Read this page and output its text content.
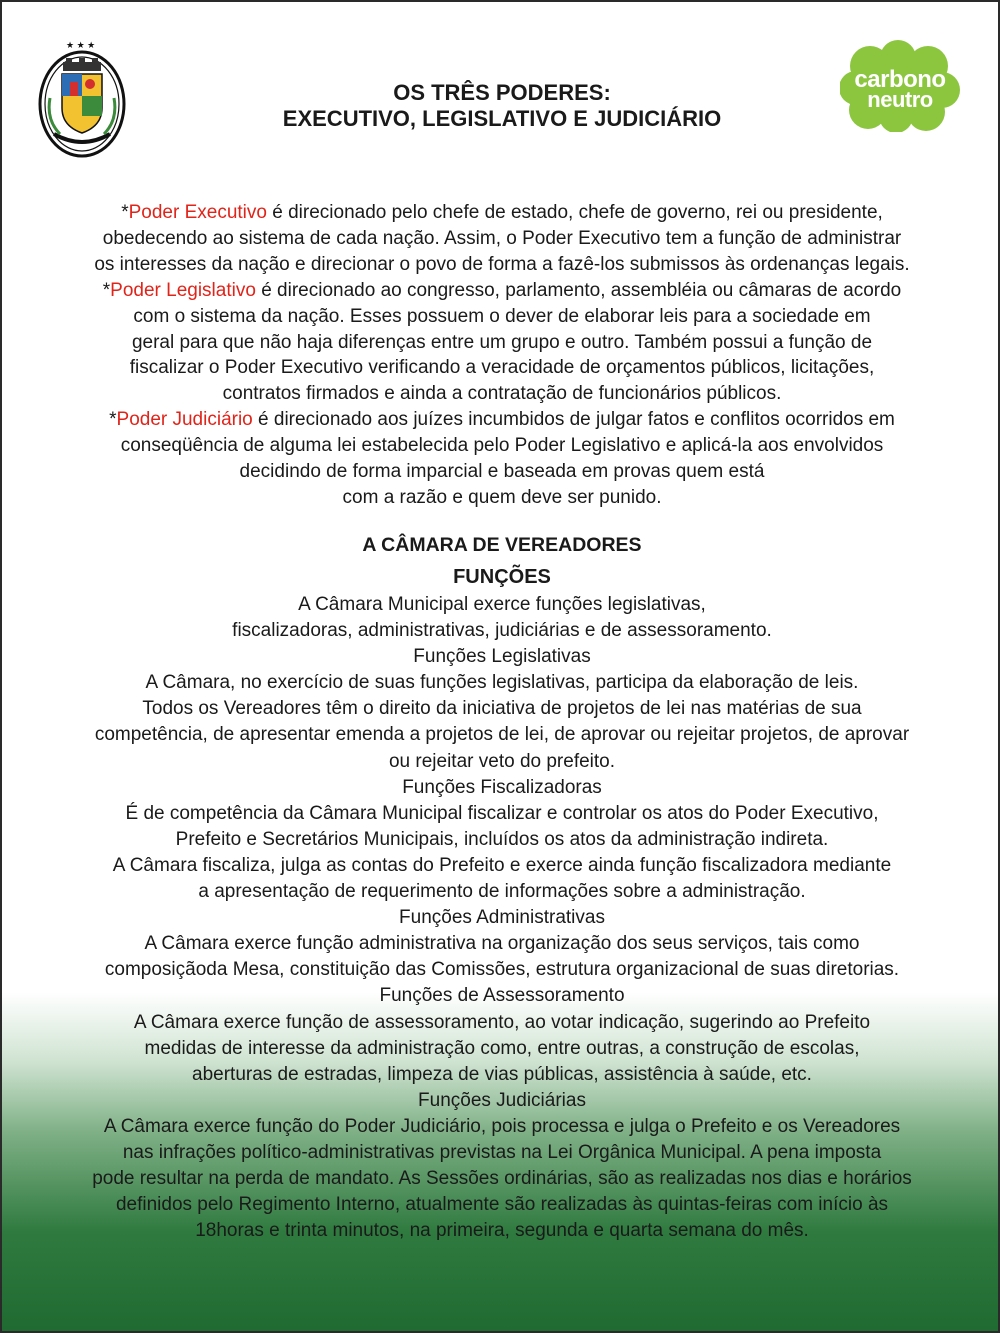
★ ★ ★
carbono
neutro
OS TRÊS PODERES:
EXECUTIVO, LEGISLATIVO E JUDICIÁRIO
*Poder Executivo é direcionado pelo chefe de estado, chefe de governo, rei ou presidente,
obedecendo ao sistema de cada nação. Assim, o Poder Executivo tem a função de administrar
os interesses da nação e direcionar o povo de forma a fazê-los submissos às ordenanças legais.
*Poder Legislativo é direcionado ao congresso, parlamento, assembléia ou câmaras de acordo
com o sistema da nação. Esses possuem o dever de elaborar leis para a sociedade em
geral para que não haja diferenças entre um grupo e outro. Também possui a função de
fiscalizar o Poder Executivo verificando a veracidade de orçamentos públicos, licitações,
contratos firmados e ainda a contratação de funcionários públicos.
*Poder Judiciário é direcionado aos juízes incumbidos de julgar fatos e conflitos ocorridos em
conseqüência de alguma lei estabelecida pelo Poder Legislativo e aplicá-la aos envolvidos
decidindo de forma imparcial e baseada em provas quem está
com a razão e quem deve ser punido.
A CÂMARA DE VEREADORES
FUNÇÕES
A Câmara Municipal exerce funções legislativas,
fiscalizadoras, administrativas, judiciárias e de assessoramento.
Funções Legislativas
A Câmara, no exercício de suas funções legislativas, participa da elaboração de leis.
Todos os Vereadores têm o direito da iniciativa de projetos de lei nas matérias de sua
competência, de apresentar emenda a projetos de lei, de aprovar ou rejeitar projetos, de aprovar
ou rejeitar veto do prefeito.
Funções Fiscalizadoras
É de competência da Câmara Municipal fiscalizar e controlar os atos do Poder Executivo,
Prefeito e Secretários Municipais, incluídos os atos da administração indireta.
A Câmara fiscaliza, julga as contas do Prefeito e exerce ainda função fiscalizadora mediante
a apresentação de requerimento de informações sobre a administração.
Funções Administrativas
A Câmara exerce função administrativa na organização dos seus serviços, tais como
composiçãoda Mesa, constituição das Comissões, estrutura organizacional de suas diretorias.
Funções de Assessoramento
A Câmara exerce função de assessoramento, ao votar indicação, sugerindo ao Prefeito
medidas de interesse da administração como, entre outras, a construção de escolas,
aberturas de estradas, limpeza de vias públicas, assistência à saúde, etc.
Funções Judiciárias
A Câmara exerce função do Poder Judiciário, pois processa e julga o Prefeito e os Vereadores
nas infrações político-administrativas previstas na Lei Orgânica Municipal. A pena imposta
pode resultar na perda de mandato. As Sessões ordinárias, são as realizadas nos dias e horários
definidos pelo Regimento Interno, atualmente são realizadas às quintas-feiras com início às
18horas e trinta minutos, na primeira, segunda e quarta semana do mês.
